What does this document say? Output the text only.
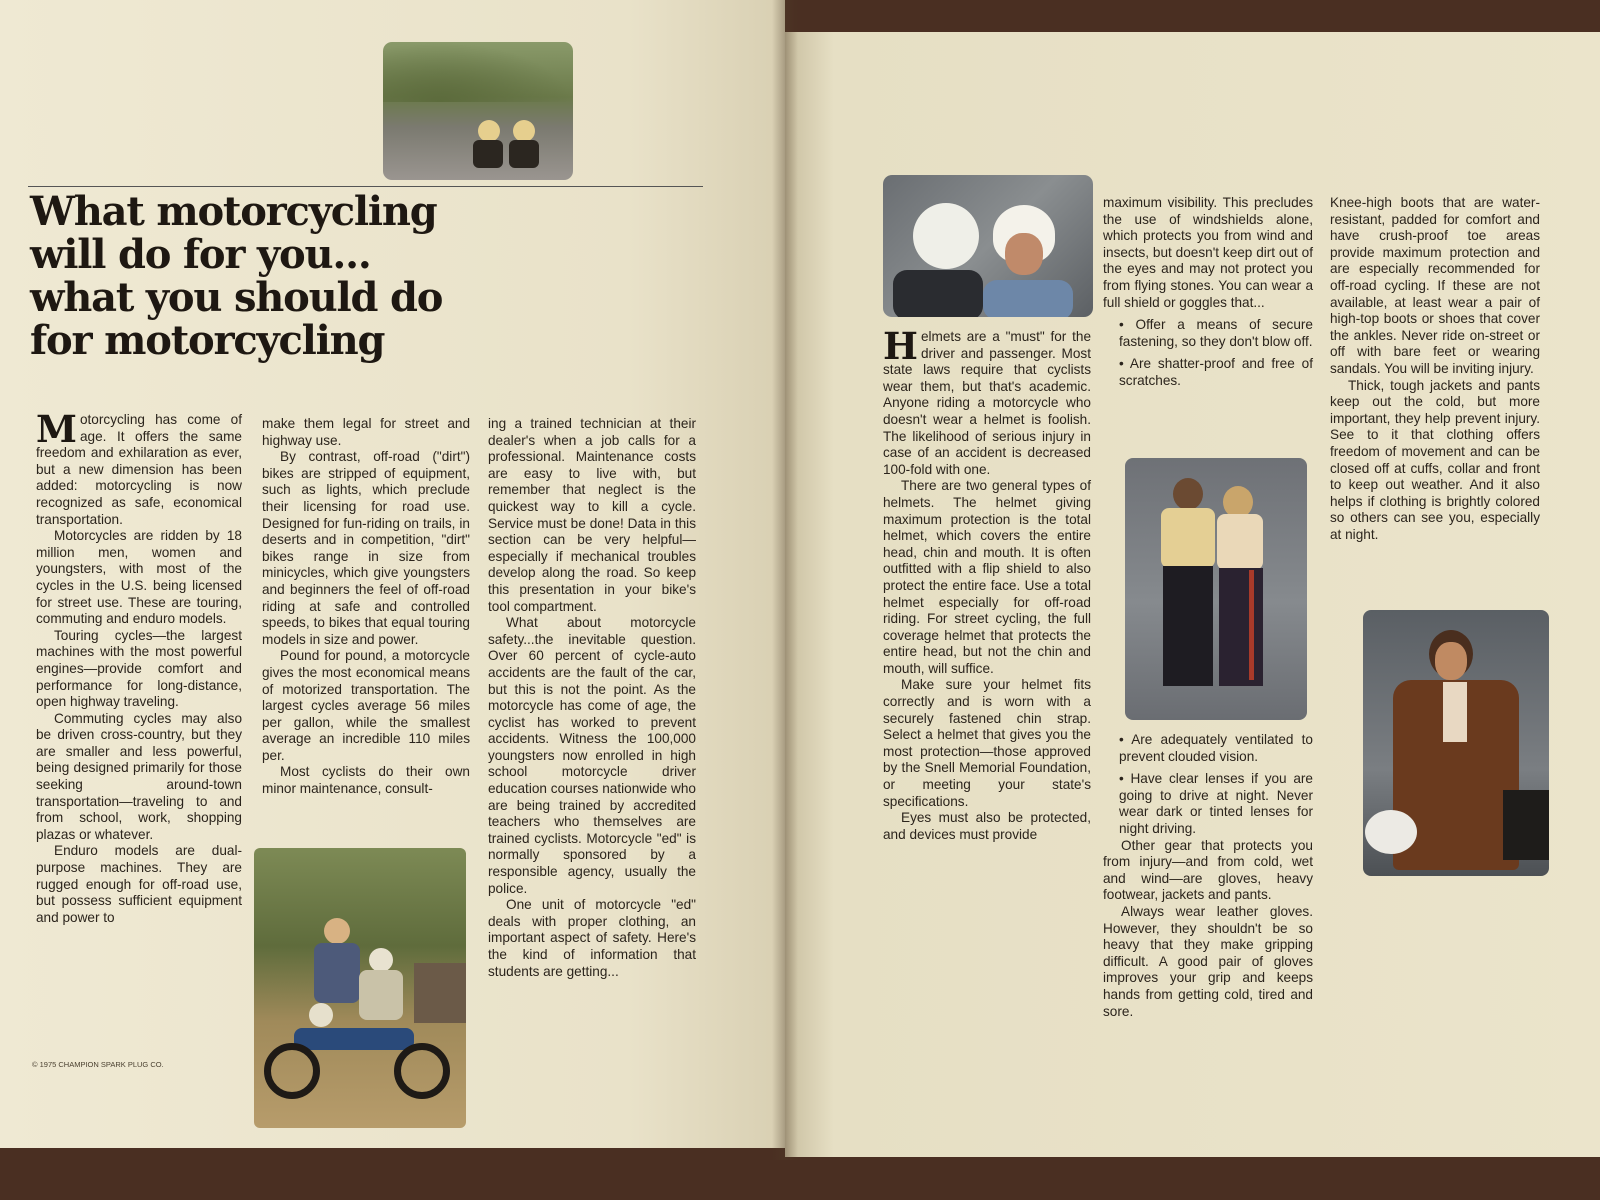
What motorcycling
will do for you...
what you should do
for motorcycling

Motorcycling has come of age. It offers the same freedom and exhilaration as ever, but a new dimension has been added: motorcycling is now recognized as safe, economical transportation.

Motorcycles are ridden by 18 million men, women and youngsters, with most of the cycles in the U.S. being licensed for street use. These are touring, commuting and enduro models.

Touring cycles—the largest machines with the most powerful engines—provide comfort and performance for long-distance, open highway traveling.

Commuting cycles may also be driven cross-country, but they are smaller and less powerful, being designed primarily for those seeking around-town transportation—traveling to and from school, work, shopping plazas or whatever.

Enduro models are dual-purpose machines. They are rugged enough for off-road use, but possess sufficient equipment and power to

make them legal for street and highway use.

By contrast, off-road ("dirt") bikes are stripped of equipment, such as lights, which preclude their licensing for road use. Designed for fun-riding on trails, in deserts and in competition, "dirt" bikes range in size from minicycles, which give youngsters and beginners the feel of off-road riding at safe and controlled speeds, to bikes that equal touring models in size and power.

Pound for pound, a motorcycle gives the most economical means of motorized transportation. The largest cycles average 56 miles per gallon, while the smallest average an incredible 110 miles per.

Most cyclists do their own minor maintenance, consult-

ing a trained technician at their dealer's when a job calls for a professional. Maintenance costs are easy to live with, but remember that neglect is the quickest way to kill a cycle. Service must be done! Data in this section can be very helpful—especially if mechanical troubles develop along the road. So keep this presentation in your bike's tool compartment.

What about motorcycle safety...the inevitable question. Over 60 percent of cycle-auto accidents are the fault of the car, but this is not the point. As the motorcycle has come of age, the cyclist has worked to prevent accidents. Witness the 100,000 youngsters now enrolled in high school motorcycle driver education courses nationwide who are being trained by accredited teachers who themselves are trained cyclists. Motorcycle "ed" is normally sponsored by a responsible agency, usually the police.

One unit of motorcycle "ed" deals with proper clothing, an important aspect of safety. Here's the kind of information that students are getting...

© 1975 CHAMPION SPARK PLUG CO.

Helmets are a "must" for the driver and passenger. Most state laws require that cyclists wear them, but that's academic. Anyone riding a motorcycle who doesn't wear a helmet is foolish. The likelihood of serious injury in case of an accident is decreased 100-fold with one.

There are two general types of helmets. The helmet giving maximum protection is the total helmet, which covers the entire head, chin and mouth. It is often outfitted with a flip shield to also protect the entire face. Use a total helmet especially for off-road riding. For street cycling, the full coverage helmet that protects the entire head, but not the chin and mouth, will suffice.

Make sure your helmet fits correctly and is worn with a securely fastened chin strap. Select a helmet that gives you the most protection—those approved by the Snell Memorial Foundation, or meeting your state's specifications.

Eyes must also be protected, and devices must provide

maximum visibility. This precludes the use of windshields alone, which protects you from wind and insects, but doesn't keep dirt out of the eyes and may not protect you from flying stones. You can wear a full shield or goggles that...

• Offer a means of secure fastening, so they don't blow off.

• Are shatter-proof and free of scratches.

• Are adequately ventilated to prevent clouded vision.

• Have clear lenses if you are going to drive at night. Never wear dark or tinted lenses for night driving.

Other gear that protects you from injury—and from cold, wet and wind—are gloves, heavy footwear, jackets and pants.

Always wear leather gloves. However, they shouldn't be so heavy that they make gripping difficult. A good pair of gloves improves your grip and keeps hands from getting cold, tired and sore.

Knee-high boots that are water-resistant, padded for comfort and have crush-proof toe areas provide maximum protection and are especially recommended for off-road cycling. If these are not available, at least wear a pair of high-top boots or shoes that cover the ankles. Never ride on-street or off with bare feet or wearing sandals. You will be inviting injury.

Thick, tough jackets and pants keep out the cold, but more important, they help prevent injury. See to it that clothing offers freedom of movement and can be closed off at cuffs, collar and front to keep out weather. And it also helps if clothing is brightly colored so others can see you, especially at night.
